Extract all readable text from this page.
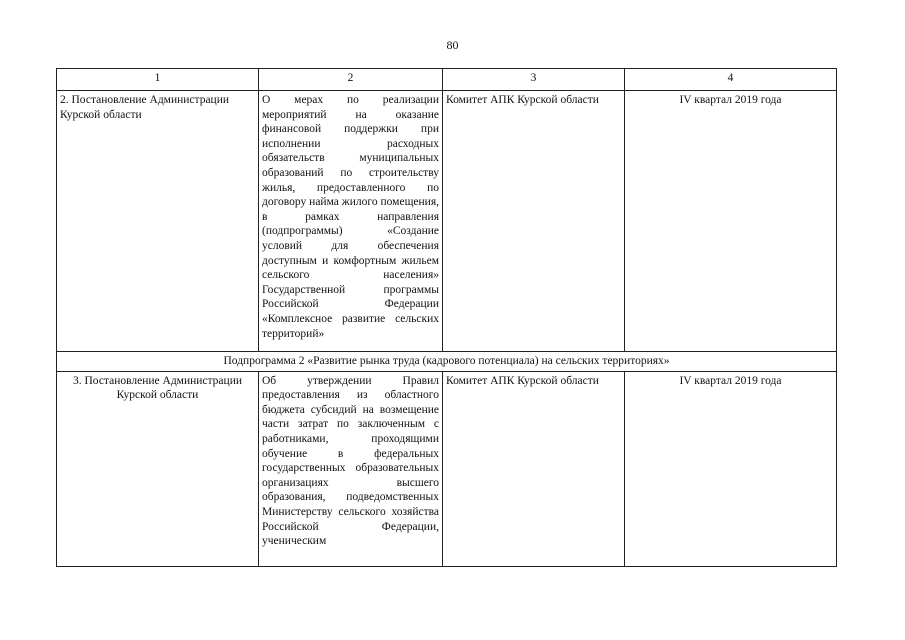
80
1	2	3	4
2. Постановление Администрации Курской области	О мерах по реализации мероприятий на оказание финансовой поддержки при исполнении расходных обязательств муниципальных образований по строительству жилья, предоставленного по договору найма жилого помещения, в рамках направления (подпрограммы) «Создание условий для обеспечения доступным и комфортным жильем сельского населения» Государственной программы Российской Федерации «Комплексное развитие сельских территорий»	Комитет АПК Курской области	IV квартал 2019 года
Подпрограмма 2 «Развитие рынка труда (кадрового потенциала) на сельских территориях»			
3. Постановление Администрации Курской области	Об утверждении Правил предоставления из областного бюджета субсидий на возмещение части затрат по заключенным с работниками, проходящими обучение в федеральных государственных образовательных организациях высшего образования, подведомственных Министерству сельского хозяйства Российской Федерации, ученическим	Комитет АПК Курской области	IV квартал 2019 года
